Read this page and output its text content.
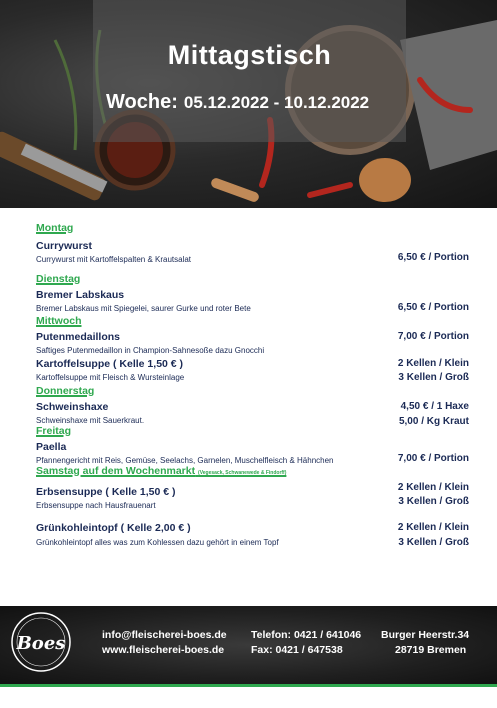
Mittagstisch
Woche: 05.12.2022 - 10.12.2022
Montag
Currywurst
Currywurst mit Kartoffelspalten & Krautsalat	6,50 € / Portion
Dienstag
Bremer Labskaus
Bremer Labskaus mit Spiegelei, saurer Gurke und roter Bete	6,50 € / Portion
Mittwoch
Putenmedaillons	7,00 € / Portion
Saftiges Putenmedaillon in Champion-Sahnesoße dazu Gnocchi
Kartoffelsuppe ( Kelle 1,50 € )	2 Kellen / Klein
Kartoffelsuppe mit Fleisch & Wursteinlage	3 Kellen / Groß
Donnerstag
Schweinshaxe	4,50 € / 1 Haxe
Schweinshaxe mit Sauerkraut.	5,00 / Kg Kraut
Freitag
Paella
Pfannengericht mit Reis, Gemüse, Seelachs, Garnelen, Muschelfleisch & Hähnchen	7,00 € / Portion
Samstag auf dem Wochenmarkt (Vegesack, Schwanewede & Findorff)
Erbsensuppe ( Kelle 1,50 € )	2 Kellen / Klein
Erbsensuppe nach Hausfrauenart	3 Kellen / Groß
Grünkohleintopf ( Kelle 2,00 € )	2 Kellen / Klein
Grünkohleintopf alles was zum Kohlessen dazu gehört in einem Topf	3 Kellen / Groß
Boes	info@fleischerei-boes.de
www.fleischerei-boes.de
Telefon: 0421 / 641046
Fax: 0421 / 647538
Burger Heerstr.34
28719 Bremen
